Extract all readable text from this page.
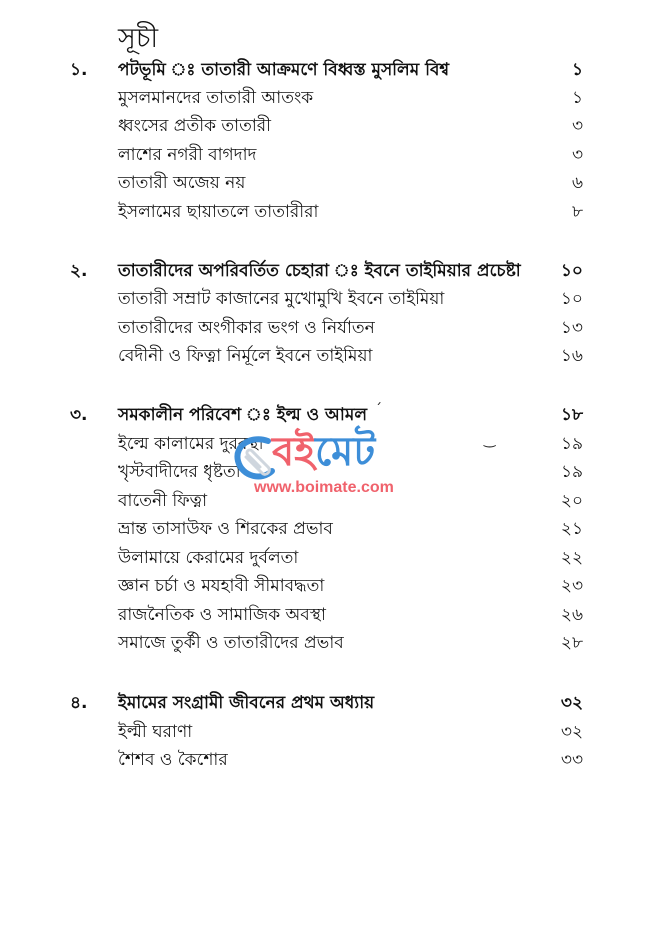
সূচী
১. পটভূমি ঃ তাতারী আক্রমণে বিধ্বস্ত মুসলিম বিশ্ব	১
মুসলমানদের তাতারী আতংক	১
ধ্বংসের প্রতীক তাতারী	৩
লাশের নগরী বাগদাদ	৩
তাতারী অজেয় নয়	৬
ইসলামের ছায়াতলে তাতারীরা	৮
২. তাতারীদের অপরিবর্তিত চেহারা ঃ ইবনে তাইমিয়ার প্রচেষ্টা ১০
তাতারী সম্রাট কাজানের মুখোমুখি ইবনে তাইমিয়া	১০
তাতারীদের অংগীকার ভংগ ও নির্যাতন	১৩
বেদীনী ও ফিত্না নির্মূলে ইবনে তাইমিয়া	১৬
৩. সমকালীন পরিবেশ ঃ ইল্ম ও আমল	১৮
ইল্মে কালামের দুরবস্থা	১৯
খৃস্টবাদীদের ধৃষ্টতা	১৯
বাতেনী ফিত্না	২০
ভ্রান্ত তাসাউফ ও শিরকের প্রভাব	২১
উলামায়ে কেরামের দুর্বলতা	২২
জ্ঞান চর্চা ও মযহাবী সীমাবদ্ধতা	২৩
রাজনৈতিক ও সামাজিক অবস্থা	২৬
সমাজে তুর্কী ও তাতারীদের প্রভাব	২৮
৪. ইমামের সংগ্রামী জীবনের প্রথম অধ্যায়	৩২
ইল্মী ঘরাণা	৩২
শৈশব ও কৈশোর	৩৩
´
‿
বইমেট
www.boimate.com
